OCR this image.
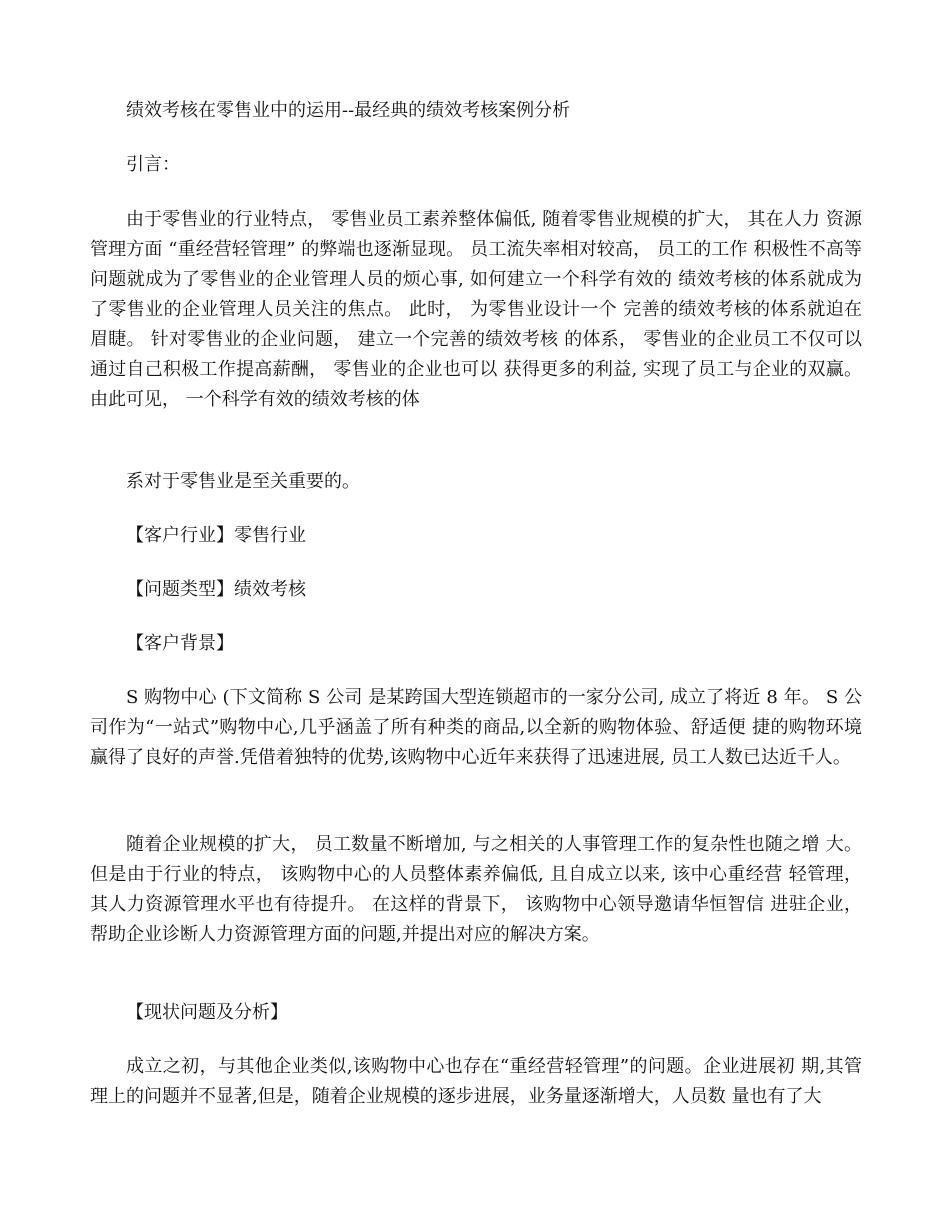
绩效考核在零售业中的运用--最经典的绩效考核案例分析

引言：

由于零售业的行业特点， 零售业员工素养整体偏低, 随着零售业规模的扩大， 其在人力 资源管理方面 “重经营轻管理” 的弊端也逐渐显现。 员工流失率相对较高， 员工的工作 积极性不高等问题就成为了零售业的企业管理人员的烦心事, 如何建立一个科学有效的 绩效考核的体系就成为了零售业的企业管理人员关注的焦点。 此时， 为零售业设计一个 完善的绩效考核的体系就迫在眉睫。 针对零售业的企业问题， 建立一个完善的绩效考核 的体系， 零售业的企业员工不仅可以通过自己积极工作提高薪酬， 零售业的企业也可以 获得更多的利益, 实现了员工与企业的双赢。 由此可见， 一个科学有效的绩效考核的体

系对于零售业是至关重要的。

【客户行业】零售行业

【问题类型】绩效考核

【客户背景】

S 购物中心 (下文简称 S 公司 是某跨国大型连锁超市的一家分公司, 成立了将近 8 年。 S 公司作为“一站式”购物中心,几乎涵盖了所有种类的商品,以全新的购物体验、舒适便 捷的购物环境赢得了良好的声誉.凭借着独特的优势,该购物中心近年来获得了迅速进展, 员工人数已达近千人。

随着企业规模的扩大， 员工数量不断增加, 与之相关的人事管理工作的复杂性也随之增 大。 但是由于行业的特点， 该购物中心的人员整体素养偏低, 且自成立以来, 该中心重经营 轻管理， 其人力资源管理水平也有待提升。 在这样的背景下， 该购物中心领导邀请华恒智信 进驻企业，帮助企业诊断人力资源管理方面的问题,并提出对应的解决方案。

【现状问题及分析】

成立之初，与其他企业类似,该购物中心也存在“重经营轻管理”的问题。企业进展初 期,其管理上的问题并不显著,但是，随着企业规模的逐步进展，业务量逐渐增大，人员数 量也有了大
